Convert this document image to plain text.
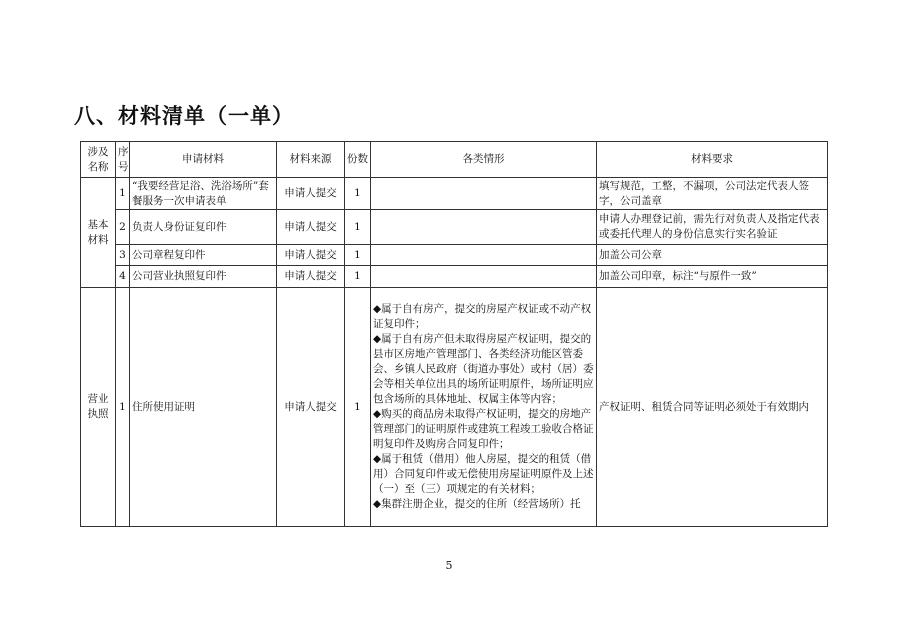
八、材料清单（一单）
涉及名称	序号	申请材料	材料来源	份数	各类情形	材料要求
基本材料	1	“我要经营足浴、洗浴场所”套餐服务一次申请表单	申请人提交	1		填写规范，工整，不漏项，公司法定代表人签字，公司盖章
	2	负责人身份证复印件	申请人提交	1		申请人办理登记前，需先行对负责人及指定代表或委托代理人的身份信息实行实名验证
	3	公司章程复印件	申请人提交	1		加盖公司公章
	4	公司营业执照复印件	申请人提交	1		加盖公司印章，标注“与原件一致”
营业执照	1	住所使用证明	申请人提交	1	◆属于自有房产，提交的房屋产权证或不动产权证复印件；

◆属于自有房产但未取得房屋产权证明，提交的县市区房地产管理部门、各类经济功能区管委会、乡镇人民政府（街道办事处）或村（居）委会等相关单位出具的场所证明原件，场所证明应包含场所的具体地址、权属主体等内容；

◆购买的商品房未取得产权证明，提交的房地产管理部门的证明原件或建筑工程竣工验收合格证明复印件及购房合同复印件；

◆属于租赁（借用）他人房屋，提交的租赁（借用）合同复印件或无偿使用房屋证明原件及上述（一）至（三）项规定的有关材料；

◆集群注册企业，提交的住所（经营场所）托	产权证明、租赁合同等证明必须处于有效期内
5
